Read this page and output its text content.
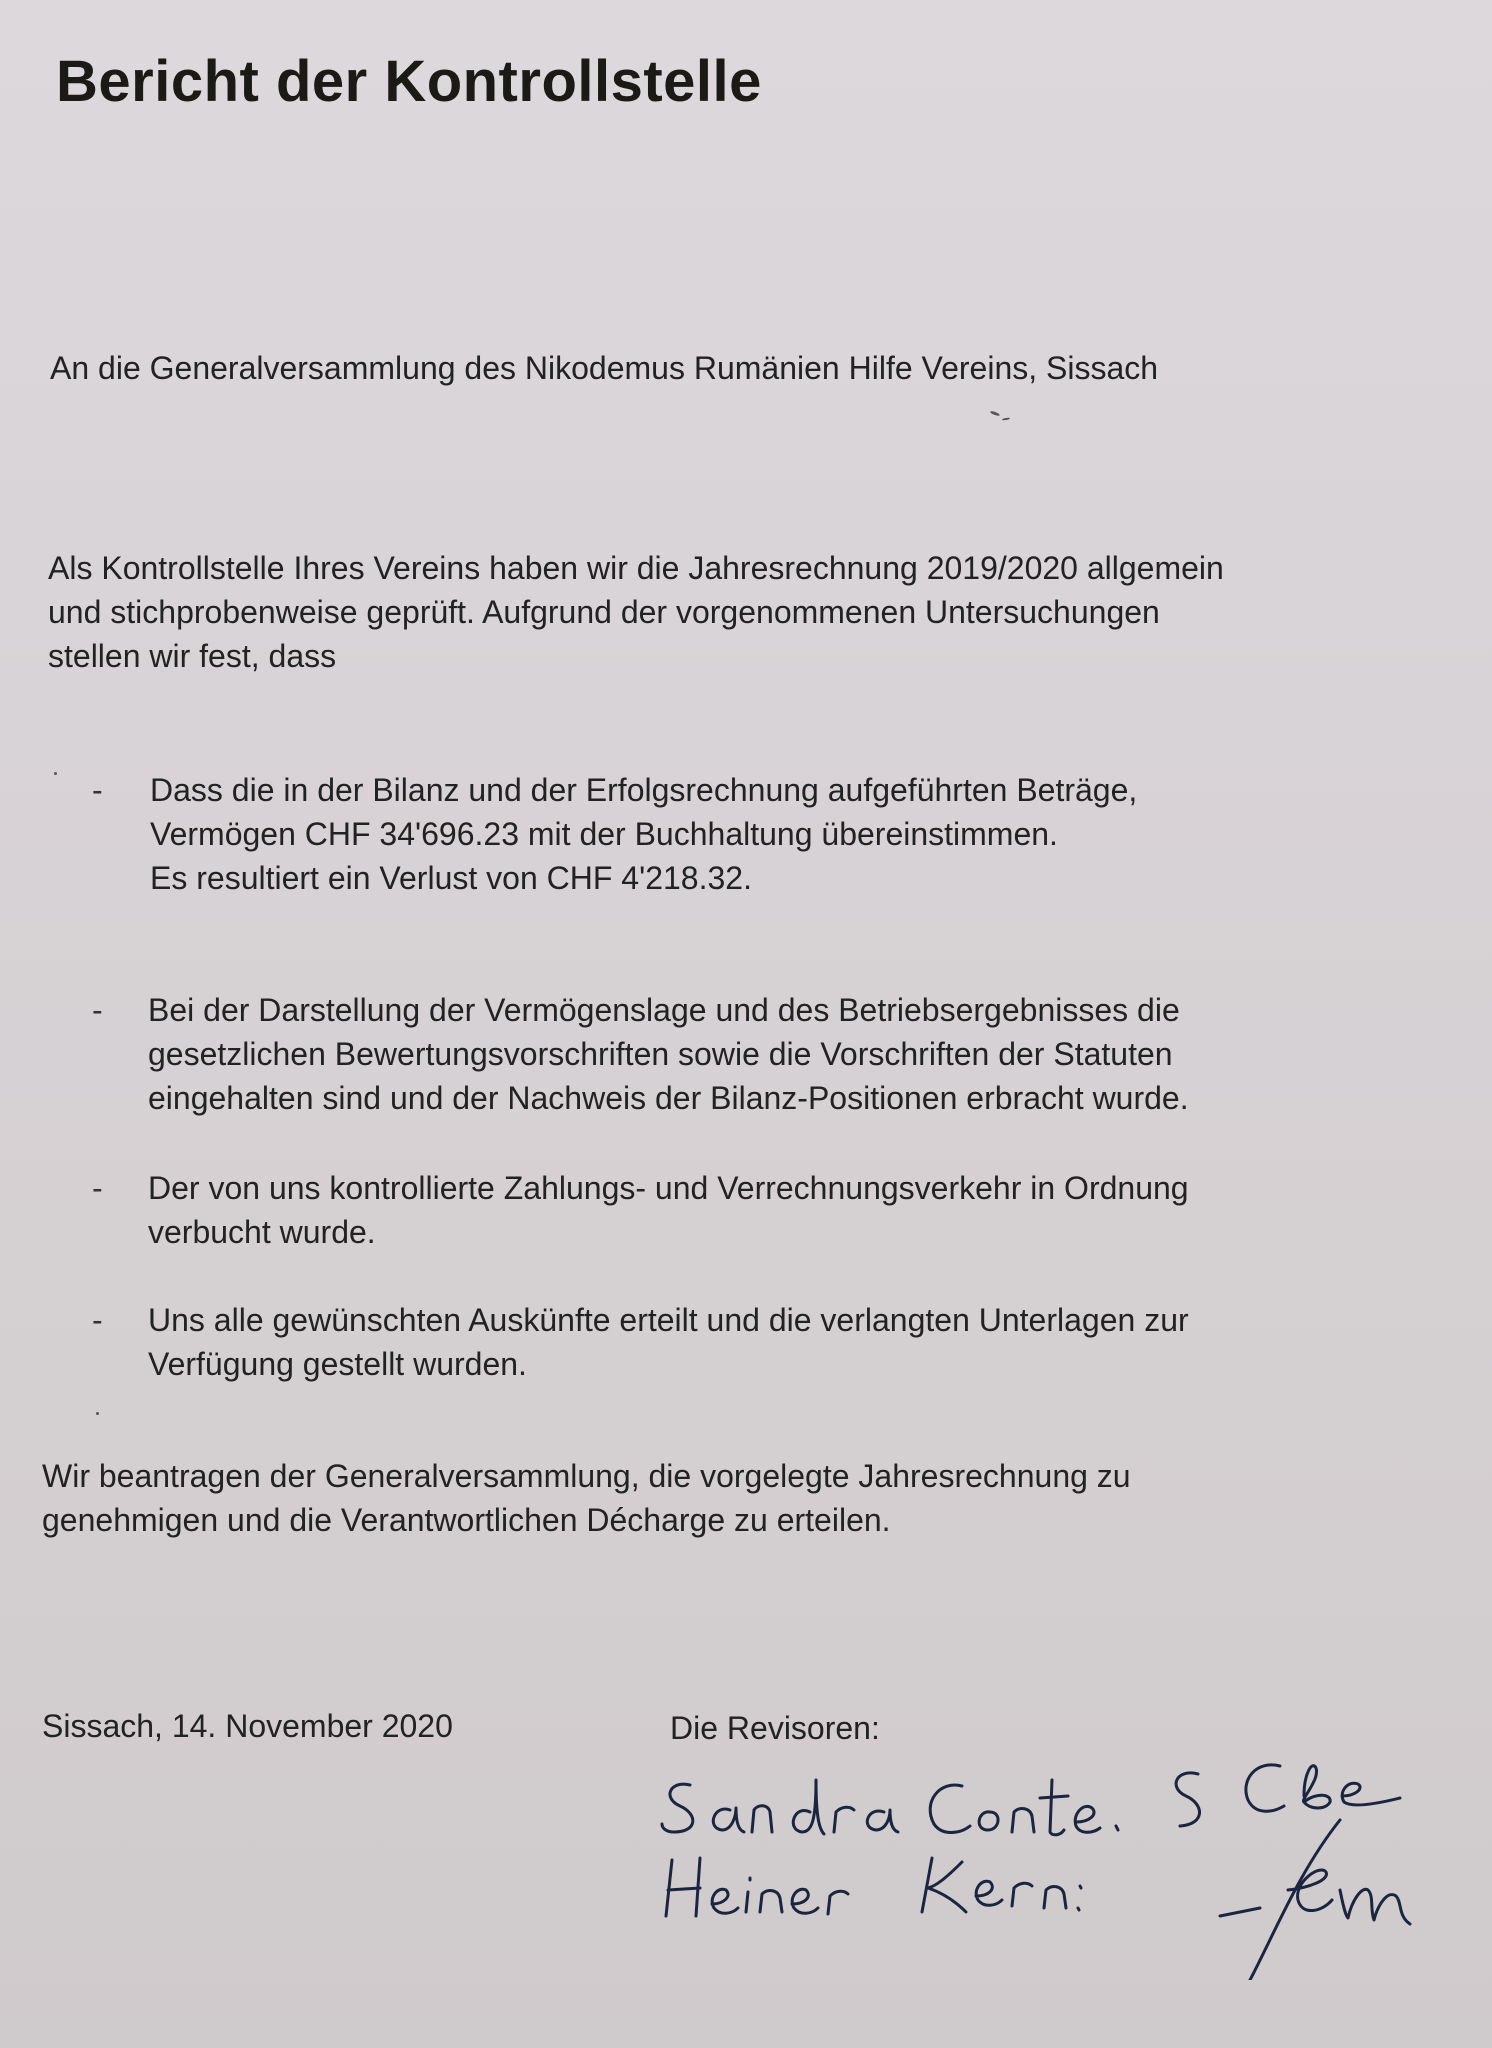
Bericht der Kontrollstelle

An die Generalversammlung des Nikodemus Rumänien Hilfe Vereins, Sissach

Als Kontrollstelle Ihres Vereins haben wir die Jahresrechnung 2019/2020 allgemein
und stichprobenweise geprüft. Aufgrund der vorgenommenen Untersuchungen
stellen wir fest, dass
- Dass die in der Bilanz und der Erfolgsrechnung aufgeführten Beträge,
Vermögen CHF 34'696.23 mit der Buchhaltung übereinstimmen.
Es resultiert ein Verlust von CHF 4'218.32.
- Bei der Darstellung der Vermögenslage und des Betriebsergebnisses die
gesetzlichen Bewertungsvorschriften sowie die Vorschriften der Statuten
eingehalten sind und der Nachweis der Bilanz-Positionen erbracht wurde.
- Der von uns kontrollierte Zahlungs- und Verrechnungsverkehr in Ordnung
verbucht wurde.
- Uns alle gewünschten Auskünfte erteilt und die verlangten Unterlagen zur
Verfügung gestellt wurden.
Wir beantragen der Generalversammlung, die vorgelegte Jahresrechnung zu
genehmigen und die Verantwortlichen Décharge zu erteilen.

Sissach, 14. November 2020	Die Revisoren:
